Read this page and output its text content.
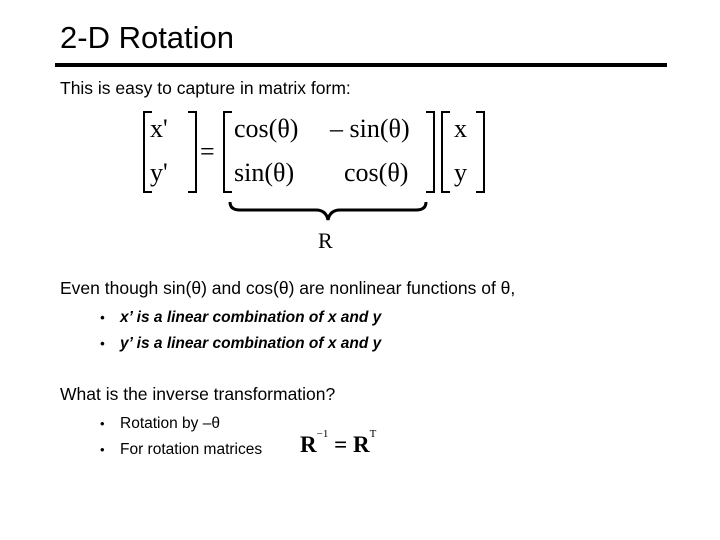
2-D Rotation
This is easy to capture in matrix form:
x'
y'
=
cos(θ) – sin(θ)
sin(θ) cos(θ)
x
y
R
Even though sin(θ) and cos(θ) are nonlinear functions of θ,
• x’ is a linear combination of x and y
• y’ is a linear combination of x and y
What is the inverse transformation?
• Rotation by –θ
• For rotation matrices $R^{-1} = R^T$
